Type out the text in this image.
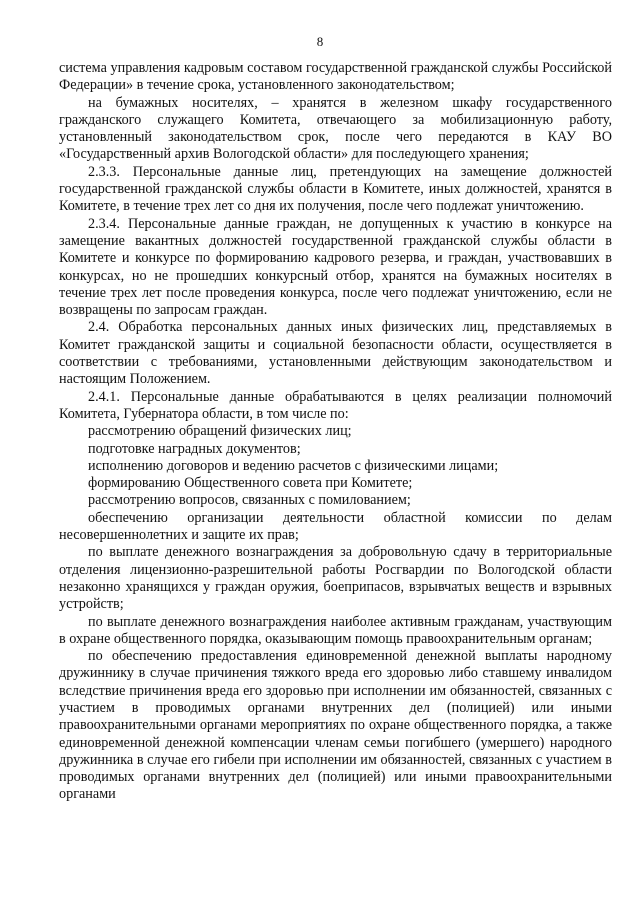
8

система управления кадровым составом государственной гражданской службы Российской Федерации» в течение срока, установленного законодательством;

на бумажных носителях, – хранятся в железном шкафу государственного гражданского служащего Комитета, отвечающего за мобилизационную работу, установленный законодательством срок, после чего передаются в КАУ ВО «Государственный архив Вологодской области» для последующего хранения;

2.3.3. Персональные данные лиц, претендующих на замещение должностей государственной гражданской службы области в Комитете, иных должностей, хранятся в Комитете, в течение трех лет со дня их получения, после чего подлежат уничтожению.

2.3.4. Персональные данные граждан, не допущенных к участию в конкурсе на замещение вакантных должностей государственной гражданской службы области в Комитете и конкурсе по формированию кадрового резерва, и граждан, участвовавших в конкурсах, но не прошедших конкурсный отбор, хранятся на бумажных носителях в течение трех лет после проведения конкурса, после чего подлежат уничтожению, если не возвращены по запросам граждан.

2.4. Обработка персональных данных иных физических лиц, представляемых в Комитет гражданской защиты и социальной безопасности области, осуществляется в соответствии с требованиями, установленными действующим законодательством и настоящим Положением.

2.4.1. Персональные данные обрабатываются в целях реализации полномочий Комитета, Губернатора области, в том числе по:

рассмотрению обращений физических лиц;

подготовке наградных документов;

исполнению договоров и ведению расчетов с физическими лицами;

формированию Общественного совета при Комитете;

рассмотрению вопросов, связанных с помилованием;

обеспечению организации деятельности областной комиссии по делам несовершеннолетних и защите их прав;

по выплате денежного вознаграждения за добровольную сдачу в территориальные отделения лицензионно-разрешительной работы Росгвардии по Вологодской области незаконно хранящихся у граждан оружия, боеприпасов, взрывчатых веществ и взрывных устройств;

по выплате денежного вознаграждения наиболее активным гражданам, участвующим в охране общественного порядка, оказывающим помощь правоохранительным органам;

по обеспечению предоставления единовременной денежной выплаты народному дружиннику в случае причинения тяжкого вреда его здоровью либо ставшему инвалидом вследствие причинения вреда его здоровью при исполнении им обязанностей, связанных с участием в проводимых органами внутренних дел (полицией) или иными правоохранительными органами мероприятиях по охране общественного порядка, а также единовременной денежной компенсации членам семьи погибшего (умершего) народного дружинника в случае его гибели при исполнении им обязанностей, связанных с участием в проводимых органами внутренних дел (полицией) или иными правоохранительными органами
